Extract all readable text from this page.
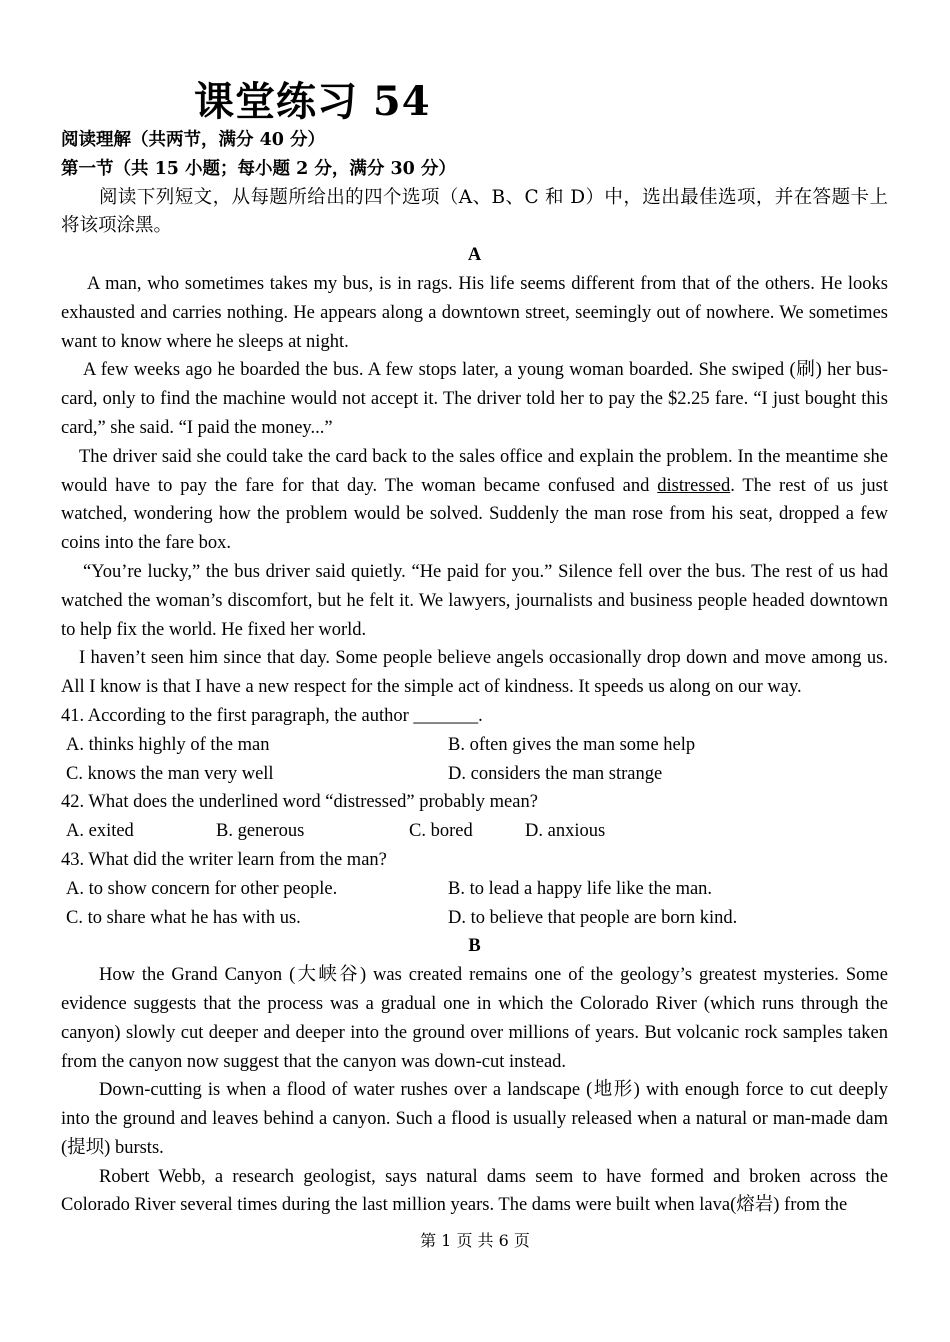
课堂练习 54
阅读理解（共两节，满分 40 分）
第一节（共 15 小题；每小题 2 分，满分 30 分）

阅读下列短文，从每题所给出的四个选项（A、B、C 和 D）中，选出最佳选项，并在答题卡上将该项涂黑。

A

A man, who sometimes takes my bus, is in rags. His life seems different from that of the others. He looks exhausted and carries nothing. He appears along a downtown street, seemingly out of nowhere. We sometimes want to know where he sleeps at night.

A few weeks ago he boarded the bus. A few stops later, a young woman boarded. She swiped (刷) her bus-card, only to find the machine would not accept it. The driver told her to pay the $2.25 fare. “I just bought this card,” she said. “I paid the money...”

The driver said she could take the card back to the sales office and explain the problem. In the meantime she would have to pay the fare for that day. The woman became confused and distressed. The rest of us just watched, wondering how the problem would be solved. Suddenly the man rose from his seat, dropped a few coins into the fare box.

“You’re lucky,” the bus driver said quietly. “He paid for you.” Silence fell over the bus. The rest of us had watched the woman’s discomfort, but he felt it. We lawyers, journalists and business people headed downtown to help fix the world. He fixed her world.

I haven’t seen him since that day. Some people believe angels occasionally drop down and move among us. All I know is that I have a new respect for the simple act of kindness. It speeds us along on our way.

41. According to the first paragraph, the author _______.
A. thinks highly of the man	B. often gives the man some help
C. knows the man very well	D. considers the man strange
42. What does the underlined word “distressed” probably mean?
A. exited	B. generous	C. bored	D. anxious
43. What did the writer learn from the man?
A. to show concern for other people.	B. to lead a happy life like the man.
C. to share what he has with us.	D. to believe that people are born kind.
B

How the Grand Canyon (大峡谷) was created remains one of the geology’s greatest mysteries. Some evidence suggests that the process was a gradual one in which the Colorado River (which runs through the canyon) slowly cut deeper and deeper into the ground over millions of years. But volcanic rock samples taken from the canyon now suggest that the canyon was down-cut instead.

Down-cutting is when a flood of water rushes over a landscape (地形) with enough force to cut deeply into the ground and leaves behind a canyon. Such a flood is usually released when a natural or man-made dam (提坝) bursts.

Robert Webb, a research geologist, says natural dams seem to have formed and broken across the Colorado River several times during the last million years. The dams were built when lava(熔岩) from the

第 1 页 共 6 页
